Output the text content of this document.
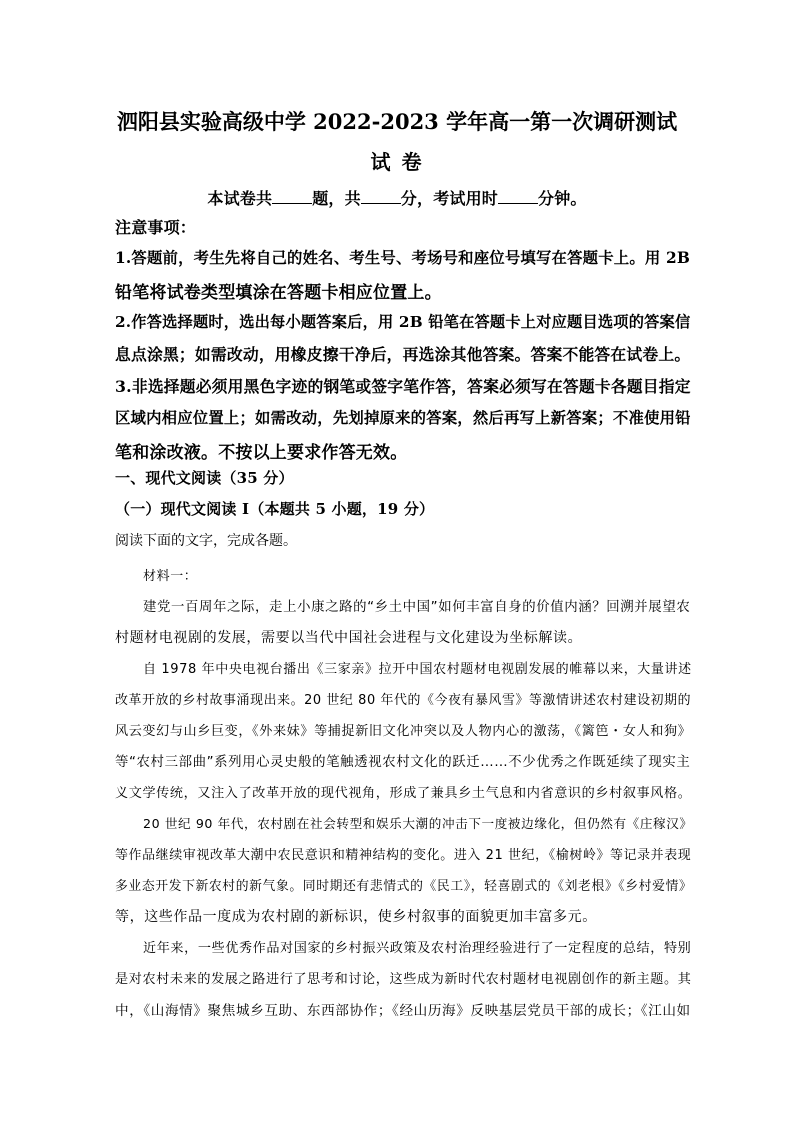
泗阳县实验高级中学 2022-2023 学年高一第一次调研测试
试 卷
本试卷共	题，共	分，考试用时	分钟。
注意事项：
1.答题前，考生先将自己的姓名、考生号、考场号和座位号填写在答题卡上。用 2B
铅笔将试卷类型填涂在答题卡相应位置上。
2.作答选择题时，选出每小题答案后，用 2B 铅笔在答题卡上对应题目选项的答案信
息点涂黑；如需改动，用橡皮擦干净后，再选涂其他答案。答案不能答在试卷上。
3.非选择题必须用黑色字迹的钢笔或签字笔作答，答案必须写在答题卡各题目指定
区域内相应位置上；如需改动，先划掉原来的答案，然后再写上新答案；不准使用铅
笔和涂改液。不按以上要求作答无效。
一、现代文阅读（35 分）
（一）现代文阅读 I（本题共 5 小题，19 分）
阅读下面的文字，完成各题。
材料一：
建党一百周年之际，走上小康之路的“乡土中国”如何丰富自身的价值内涵？回溯并展望农
村题材电视剧的发展，需要以当代中国社会进程与文化建设为坐标解读。
自 1978 年中央电视台播出《三家亲》拉开中国农村题材电视剧发展的帷幕以来，大量讲述
改革开放的乡村故事涌现出来。20 世纪 80 年代的《今夜有暴风雪》等激情讲述农村建设初期的
风云变幻与山乡巨变，《外来妹》等捕捉新旧文化冲突以及人物内心的激荡，《篱笆・女人和狗》
等“农村三部曲”系列用心灵史般的笔触透视农村文化的跃迁……不少优秀之作既延续了现实主
义文学传统，又注入了改革开放的现代视角，形成了兼具乡土气息和内省意识的乡村叙事风格。
20 世纪 90 年代，农村剧在社会转型和娱乐大潮的冲击下一度被边缘化，但仍然有《庄稼汉》
等作品继续审视改革大潮中农民意识和精神结构的变化。进入 21 世纪，《榆树岭》等记录并表现
多业态开发下新农村的新气象。同时期还有悲情式的《民工》，轻喜剧式的《刘老根》《乡村爱情》
等，这些作品一度成为农村剧的新标识，使乡村叙事的面貌更加丰富多元。
近年来，一些优秀作品对国家的乡村振兴政策及农村治理经验进行了一定程度的总结，特别
是对农村未来的发展之路进行了思考和讨论，这些成为新时代农村题材电视剧创作的新主题。其
中，《山海情》聚焦城乡互助、东西部协作；《经山历海》反映基层党员干部的成长；《江山如
